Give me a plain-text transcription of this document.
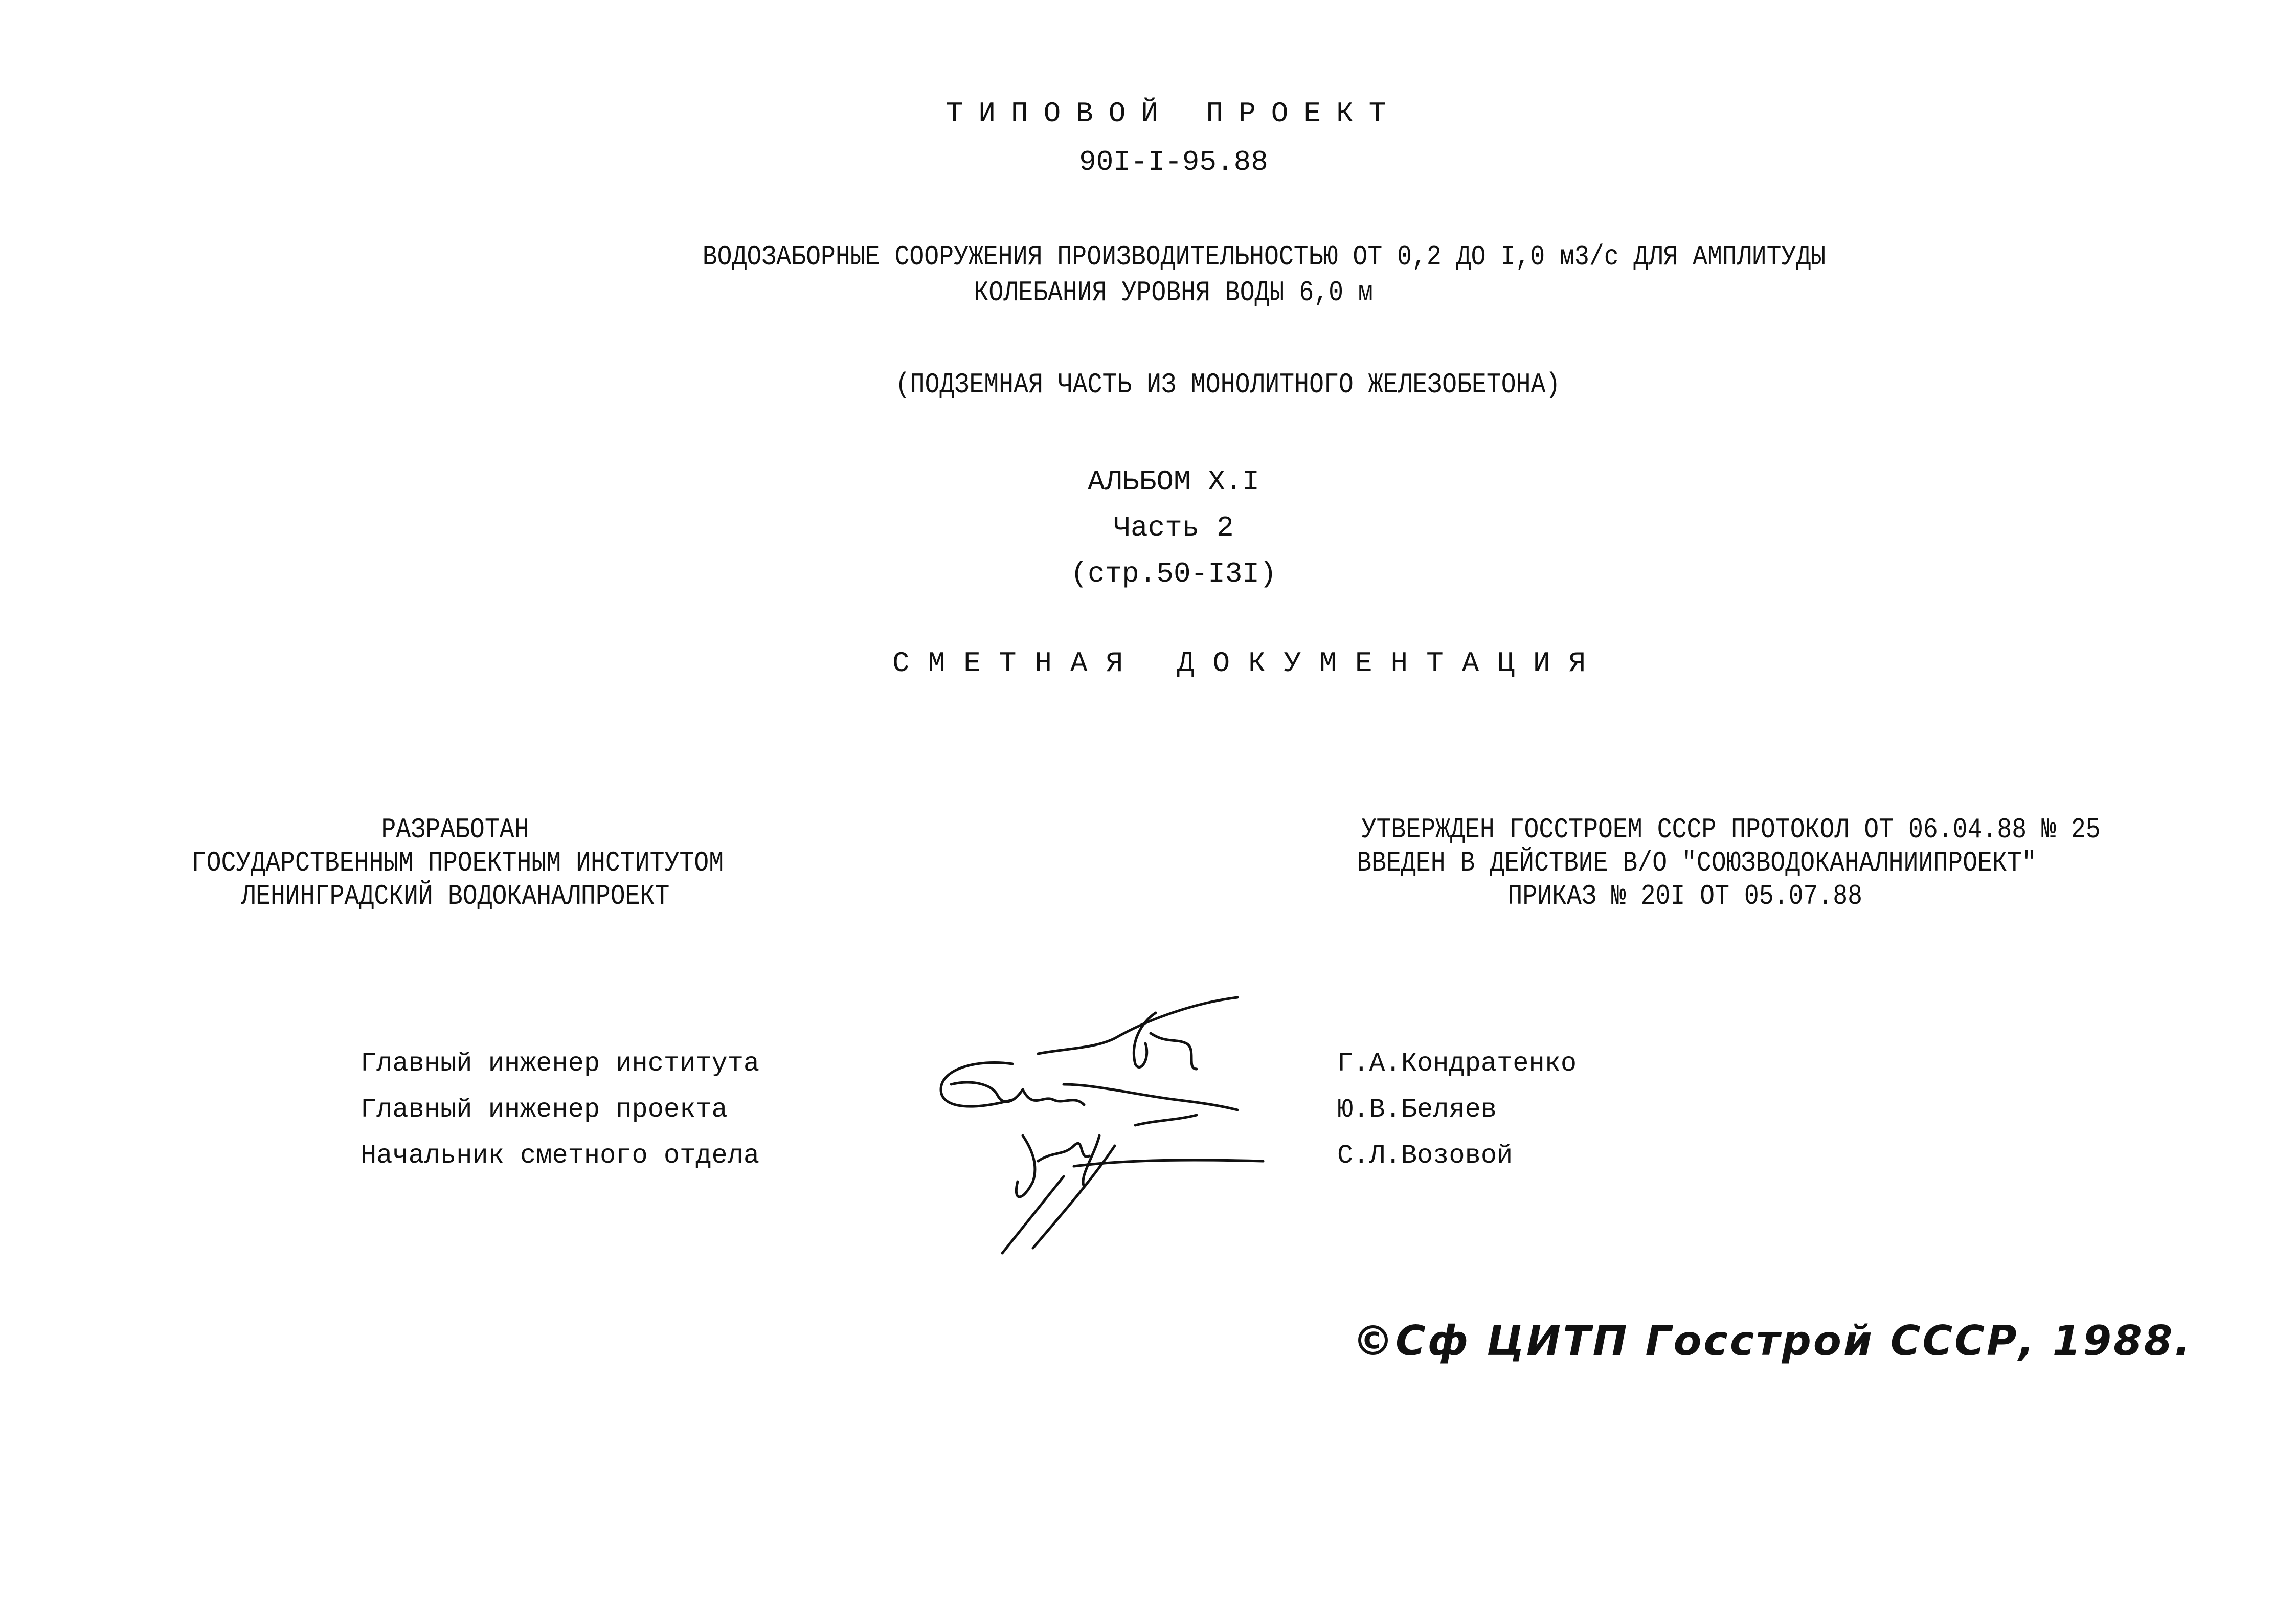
ТИПОВОЙ ПРОЕКТ
90I-I-95.88
ВОДОЗАБОРНЫЕ СООРУЖЕНИЯ ПРОИЗВОДИТЕЛЬНОСТЬЮ ОТ 0,2 ДО I,0 м3/с ДЛЯ АМПЛИТУДЫ
КОЛЕБАНИЯ УРОВНЯ ВОДЫ 6,0 м
(ПОДЗЕМНАЯ ЧАСТЬ ИЗ МОНОЛИТНОГО ЖЕЛЕЗОБЕТОНА)
АЛЬБОМ X.I
Часть 2
(стр.50-I3I)
СМЕТНАЯ ДОКУМЕНТАЦИЯ
РАЗРАБОТАН
ГОСУДАРСТВЕННЫМ ПРОЕКТНЫМ ИНСТИТУТОМ
ЛЕНИНГРАДСКИЙ ВОДОКАНАЛПРОЕКТ
УТВЕРЖДЕН ГОССТРОЕМ СССР ПРОТОКОЛ ОТ 06.04.88 № 25
ВВЕДЕН В ДЕЙСТВИЕ В/О "СОЮЗВОДОКАНАЛНИИПРОЕКТ"
ПРИКАЗ № 20I ОТ 05.07.88
Главный инженер института
Главный инженер проекта
Начальник сметного отдела
Г.А.Кондратенко
Ю.В.Беляев
С.Л.Возовой
©Сф ЦИТП Госстрой СССР, 1988.
